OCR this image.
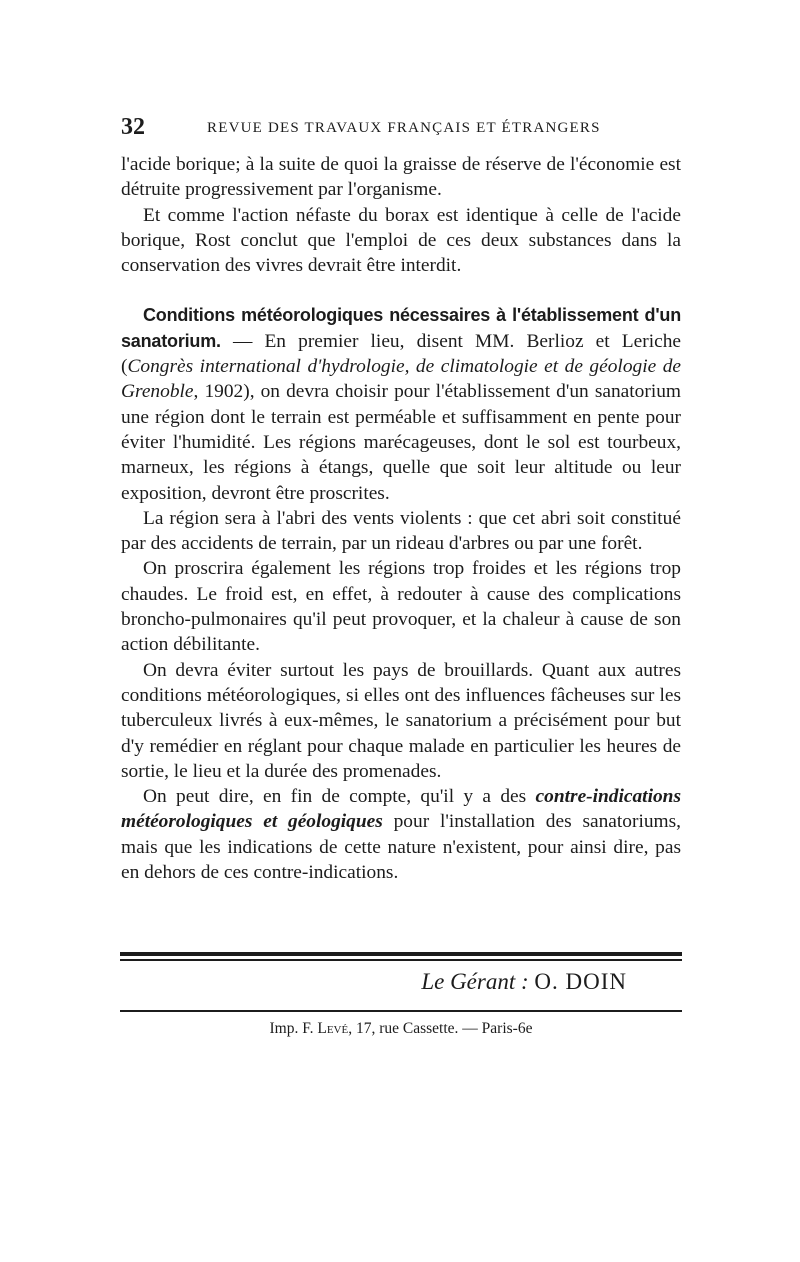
32	REVUE DES TRAVAUX FRANÇAIS ET ÉTRANGERS

l'acide borique; à la suite de quoi la graisse de réserve de l'économie est détruite progressivement par l'organisme.

Et comme l'action néfaste du borax est identique à celle de l'acide borique, Rost conclut que l'emploi de ces deux substances dans la conservation des vivres devrait être interdit.

Conditions météorologiques nécessaires à l'établissement d'un sanatorium. — En premier lieu, disent MM. Berlioz et Leriche (Congrès international d'hydrologie, de climatologie et de géologie de Grenoble, 1902), on devra choisir pour l'établissement d'un sanatorium une région dont le terrain est perméable et suffisamment en pente pour éviter l'humidité. Les régions marécageuses, dont le sol est tourbeux, marneux, les régions à étangs, quelle que soit leur altitude ou leur exposition, devront être proscrites.

La région sera à l'abri des vents violents : que cet abri soit constitué par des accidents de terrain, par un rideau d'arbres ou par une forêt.

On proscrira également les régions trop froides et les régions trop chaudes. Le froid est, en effet, à redouter à cause des complications broncho-pulmonaires qu'il peut provoquer, et la chaleur à cause de son action débilitante.

On devra éviter surtout les pays de brouillards. Quant aux autres conditions météorologiques, si elles ont des influences fâcheuses sur les tuberculeux livrés à eux-mêmes, le sanatorium a précisément pour but d'y remédier en réglant pour chaque malade en particulier les heures de sortie, le lieu et la durée des promenades.

On peut dire, en fin de compte, qu'il y a des contre-indications météorologiques et géologiques pour l'installation des sanatoriums, mais que les indications de cette nature n'existent, pour ainsi dire, pas en dehors de ces contre-indications.

Le Gérant : O. DOIN
Imp. F. Levé, 17, rue Cassette. — Paris-6e
